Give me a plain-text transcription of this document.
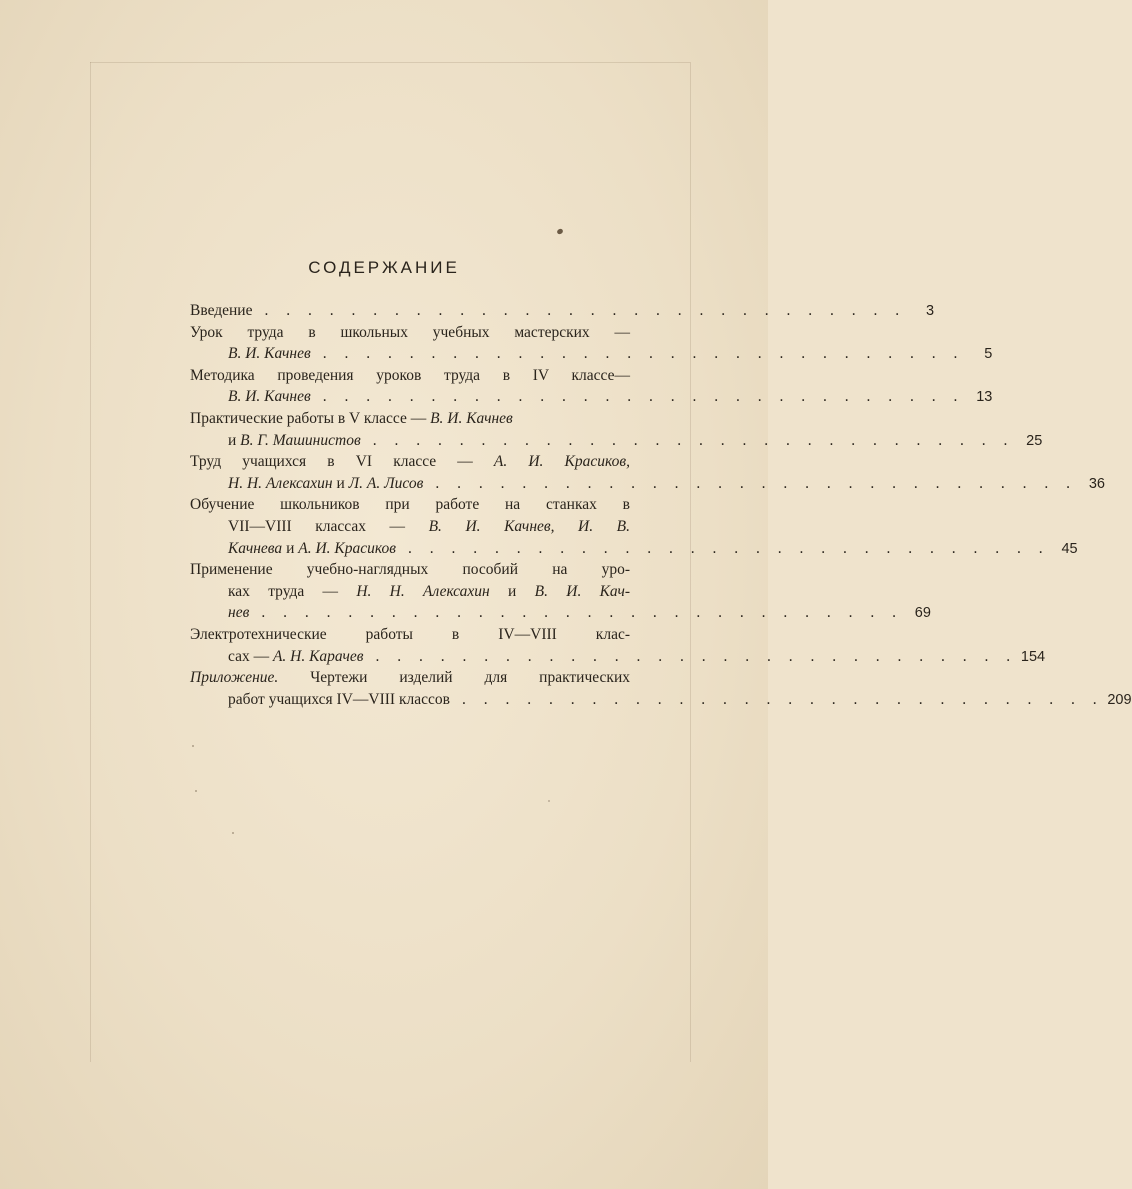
СОДЕРЖАНИЕ
Введение . . . . . . . . . . . . . . . . . . . . . . . . . . . . . .	3
Урок труда в школьных учебных мастерских —
В. И. Качнев . . . . . . . . . . . . . . . . . . . . . . . . . . . . . .	5
Методика проведения уроков труда в IV классе—
В. И. Качнев . . . . . . . . . . . . . . . . . . . . . . . . . . . . . . 13
Практические работы в V классе — В. И. Качнев
и В. Г. Машинистов . . . . . . . . . . . . . . . . . . . . . . . . . . . . . . 25
Труд учащихся в VI классе — А. И. Красиков,
Н. Н. Алексахин и Л. А. Лисов . . . . . . . . . . . . . . . . . . . . . . . . . . . . . . 36
Обучение школьников при работе на станках в
VII—VIII классах — В. И. Качнев, И. В.
Качнева и А. И. Красиков . . . . . . . . . . . . . . . . . . . . . . . . . . . . . . 45
Применение учебно-наглядных пособий на уро-
ках труда — Н. Н. Алексахин и В. И. Кач-
нев . . . . . . . . . . . . . . . . . . . . . . . . . . . . . . 69
Электротехнические работы в IV—VIII клас-
сах — А. Н. Карачев . . . . . . . . . . . . . . . . . . . . . . . . . . . . . . 154
Приложение. Чертежи изделий для практических
работ учащихся IV—VIII классов . . . . . . . . . . . . . . . . . . . . . . . . . . . . . . 209
